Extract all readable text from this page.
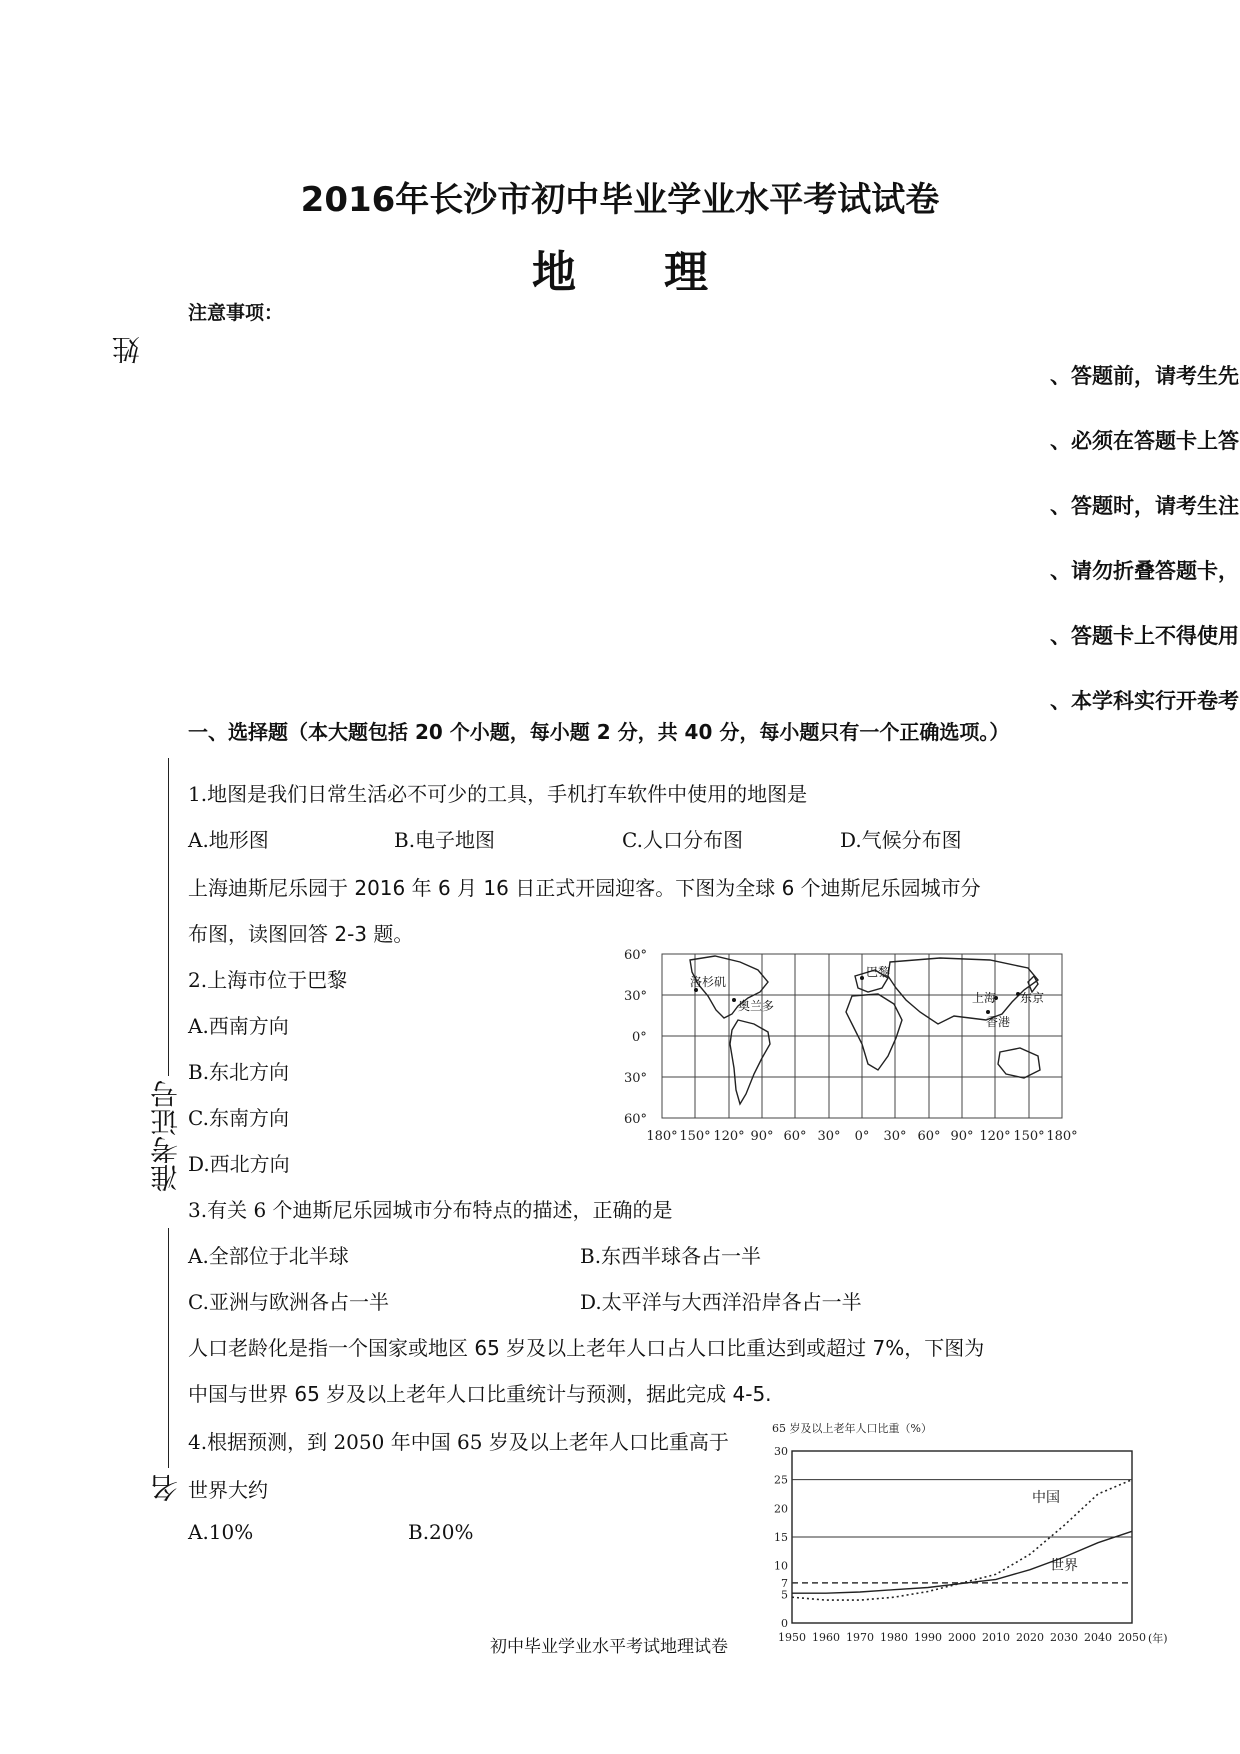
2016年长沙市初中毕业学业水平考试试卷
地　　理
注意事项：
、答题前，请考生先
、必须在答题卡上答
、答题时，请考生注
、请勿折叠答题卡，
、答题卡上不得使用
、本学科实行开卷考
姓
准考证号
名
一、选择题（本大题包括 20 个小题，每小题 2 分，共 40 分，每小题只有一个正确选项。）
1.地图是我们日常生活必不可少的工具，手机打车软件中使用的地图是
A.地形图	B.电子地图	C.人口分布图	D.气候分布图
上海迪斯尼乐园于 2016 年 6 月 16 日正式开园迎客。下图为全球 6 个迪斯尼乐园城市分
布图，读图回答 2-3 题。
2.上海市位于巴黎
A.西南方向
B.东北方向
C.东南方向
D.西北方向
60°
30°
0°
30°
60°
180° 150° 120° 90° 60° 30° 0° 30° 60° 90° 120° 150° 180°
洛杉矶
奥兰多
巴黎
上海 东京
香港
3.有关 6 个迪斯尼乐园城市分布特点的描述，正确的是
A.全部位于北半球	B.东西半球各占一半
C.亚洲与欧洲各占一半	D.太平洋与大西洋沿岸各占一半
人口老龄化是指一个国家或地区 65 岁及以上老年人口占人口比重达到或超过 7%，下图为
中国与世界 65 岁及以上老年人口比重统计与预测，据此完成 4-5.
4.根据预测，到 2050 年中国 65 岁及以上老年人口比重高于
世界大约
A.10%	B.20%
65 岁及以上老年人口比重（%）
0
5
7
10
15
20
25
30
1950 1960 1970 1980 1990 2000 2010 2020 2030 2040 2050
中国
世界
(年)
初中毕业学业水平考试地理试卷
